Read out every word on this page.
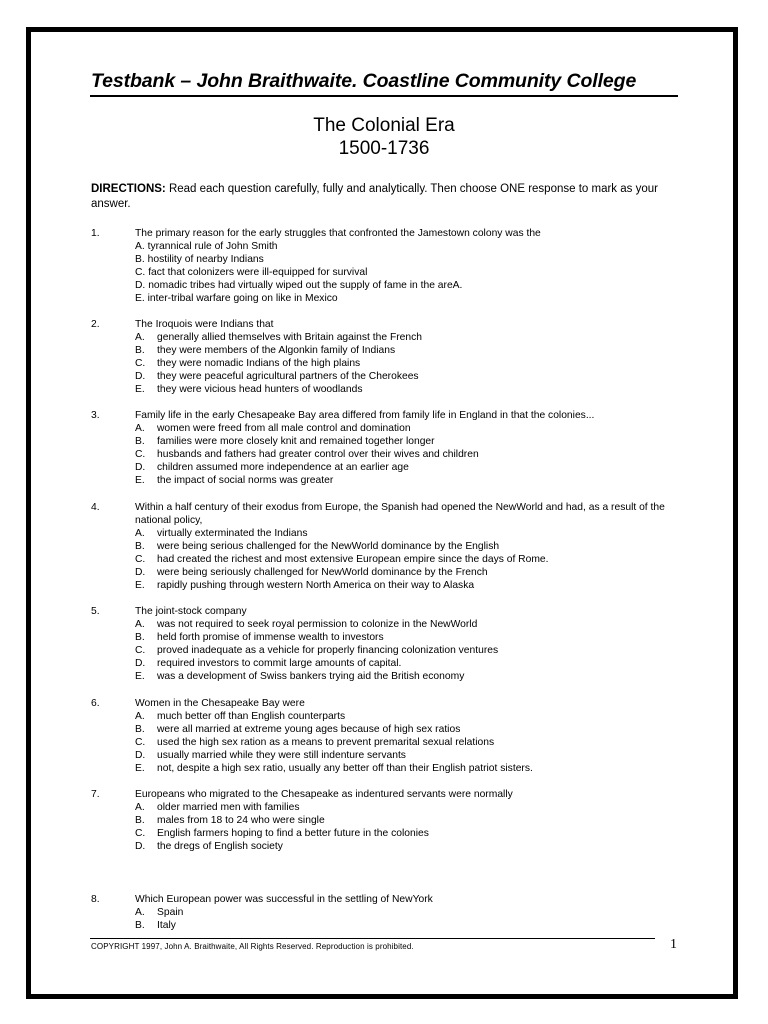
Testbank – John Braithwaite. Coastline Community College
The Colonial Era
1500-1736
DIRECTIONS: Read each question carefully, fully and analytically. Then choose ONE response to mark as your answer.
1.	The primary reason for the early struggles that confronted the Jamestown colony was the
A. tyrannical rule of John Smith
B. hostility of nearby Indians
C. fact that colonizers were ill-equipped for survival
D. nomadic tribes had virtually wiped out the supply of fame in the areA.
E. inter-tribal warfare going on like in Mexico
2.	The Iroquois were Indians that
A. generally allied themselves with Britain against the French
B. they were members of the Algonkin family of Indians
C. they were nomadic Indians of the high plains
D. they were peaceful agricultural partners of the Cherokees
E. they were vicious head hunters of woodlands
3.	Family life in the early Chesapeake Bay area differed from family life in England in that the colonies...
A. women were freed from all male control and domination
B. families were more closely knit and remained together longer
C. husbands and fathers had greater control over their wives and children
D. children assumed more independence at an earlier age
E. the impact of social norms was greater
4.	Within a half century of their exodus from Europe, the Spanish had opened the NewWorld and had, as a result of the national policy,
A. virtually exterminated the Indians
B. were being serious challenged for the NewWorld dominance by the English
C. had created the richest and most extensive European empire since the days of Rome.
D. were being seriously challenged for NewWorld dominance by the French
E. rapidly pushing through western North America on their way to Alaska
5.	The joint-stock company
A. was not required to seek royal permission to colonize in the NewWorld
B. held forth promise of immense wealth to investors
C. proved inadequate as a vehicle for properly financing colonization ventures
D. required investors to commit large amounts of capital.
E. was a development of Swiss bankers trying aid the British economy
6.	Women in the Chesapeake Bay were
A. much better off than English counterparts
B. were all married at extreme young ages because of high sex ratios
C. used the high sex ration as a means to prevent premarital sexual relations
D. usually married while they were still indenture servants
E. not, despite a high sex ratio, usually any better off than their English patriot sisters.
7.	Europeans who migrated to the Chesapeake as indentured servants were normally
A. older married men with families
B. males from 18 to 24 who were single
C. English farmers hoping to find a better future in the colonies
D. the dregs of English society
8.	Which European power was successful in the settling of NewYork
A. Spain
B. Italy
COPYRIGHT 1997, John A. Braithwaite, All Rights Reserved. Reproduction is prohibited.	1
